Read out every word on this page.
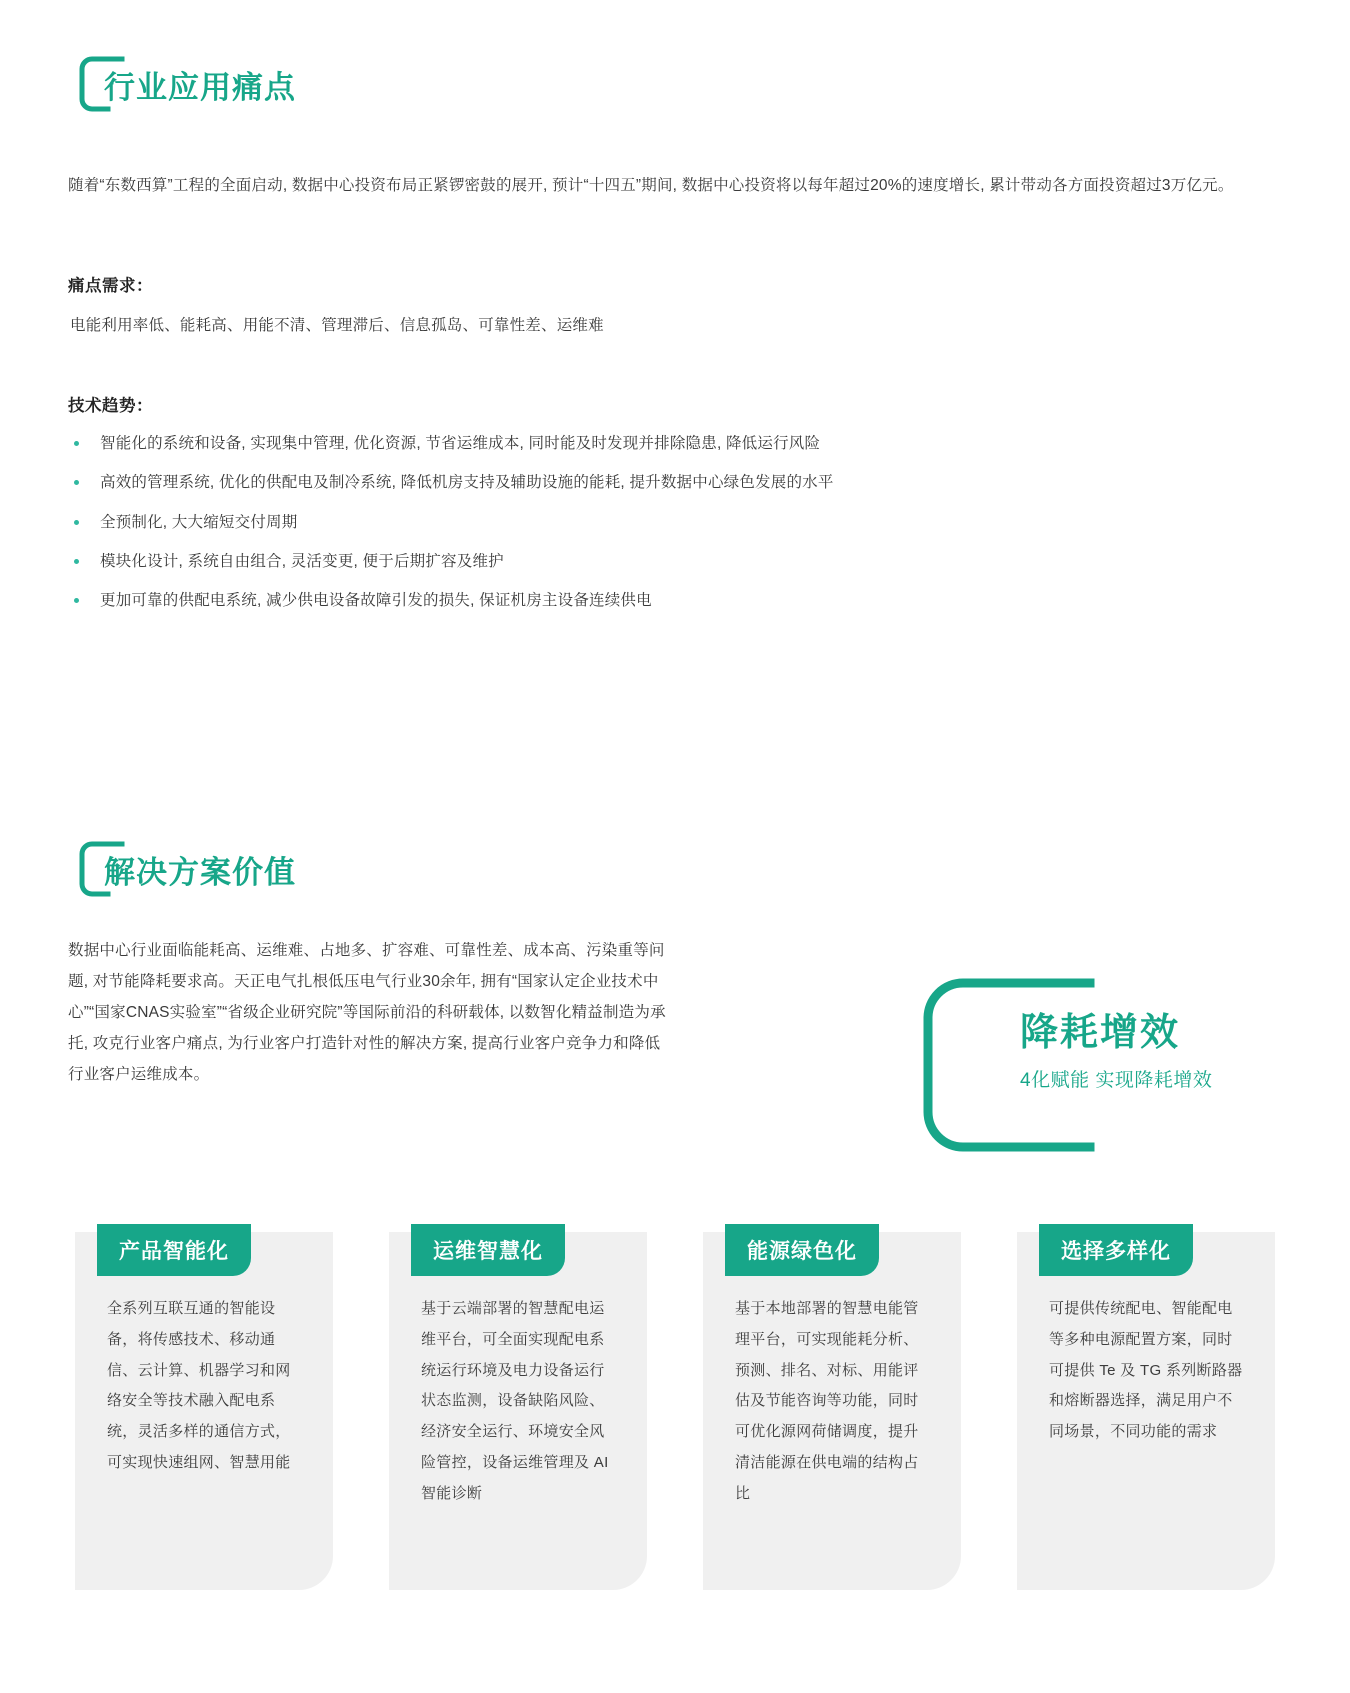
行业应用痛点
随着“东数西算”工程的全面启动, 数据中心投资布局正紧锣密鼓的展开, 预计“十四五”期间, 数据中心投资将以每年超过20%的速度增长, 累计带动各方面投资超过3万亿元。
痛点需求：
电能利用率低、能耗高、用能不清、管理滞后、信息孤岛、可靠性差、运维难
技术趋势：
智能化的系统和设备, 实现集中管理, 优化资源, 节省运维成本, 同时能及时发现并排除隐患, 降低运行风险
高效的管理系统, 优化的供配电及制冷系统, 降低机房支持及辅助设施的能耗, 提升数据中心绿色发展的水平
全预制化, 大大缩短交付周期
模块化设计, 系统自由组合, 灵活变更, 便于后期扩容及维护
更加可靠的供配电系统, 减少供电设备故障引发的损失, 保证机房主设备连续供电
解决方案价值
数据中心行业面临能耗高、运维难、占地多、扩容难、可靠性差、成本高、污染重等问题, 对节能降耗要求高。天正电气扎根低压电气行业30余年, 拥有“国家认定企业技术中心”“国家CNAS实验室”“省级企业研究院”等国际前沿的科研载体, 以数智化精益制造为承托, 攻克行业客户痛点, 为行业客户打造针对性的解决方案, 提高行业客户竞争力和降低行业客户运维成本。
降耗增效
4化赋能 实现降耗增效
产品智能化
全系列互联互通的智能设备，将传感技术、移动通信、云计算、机器学习和网络安全等技术融入配电系统，灵活多样的通信方式，可实现快速组网、智慧用能
运维智慧化
基于云端部署的智慧配电运维平台，可全面实现配电系统运行环境及电力设备运行状态监测，设备缺陷风险、经济安全运行、环境安全风险管控，设备运维管理及 AI 智能诊断
能源绿色化
基于本地部署的智慧电能管理平台，可实现能耗分析、预测、排名、对标、用能评估及节能咨询等功能，同时可优化源网荷储调度，提升清洁能源在供电端的结构占比
选择多样化
可提供传统配电、智能配电等多种电源配置方案，同时可提供 Te 及 TG 系列断路器和熔断器选择，满足用户不同场景，不同功能的需求
